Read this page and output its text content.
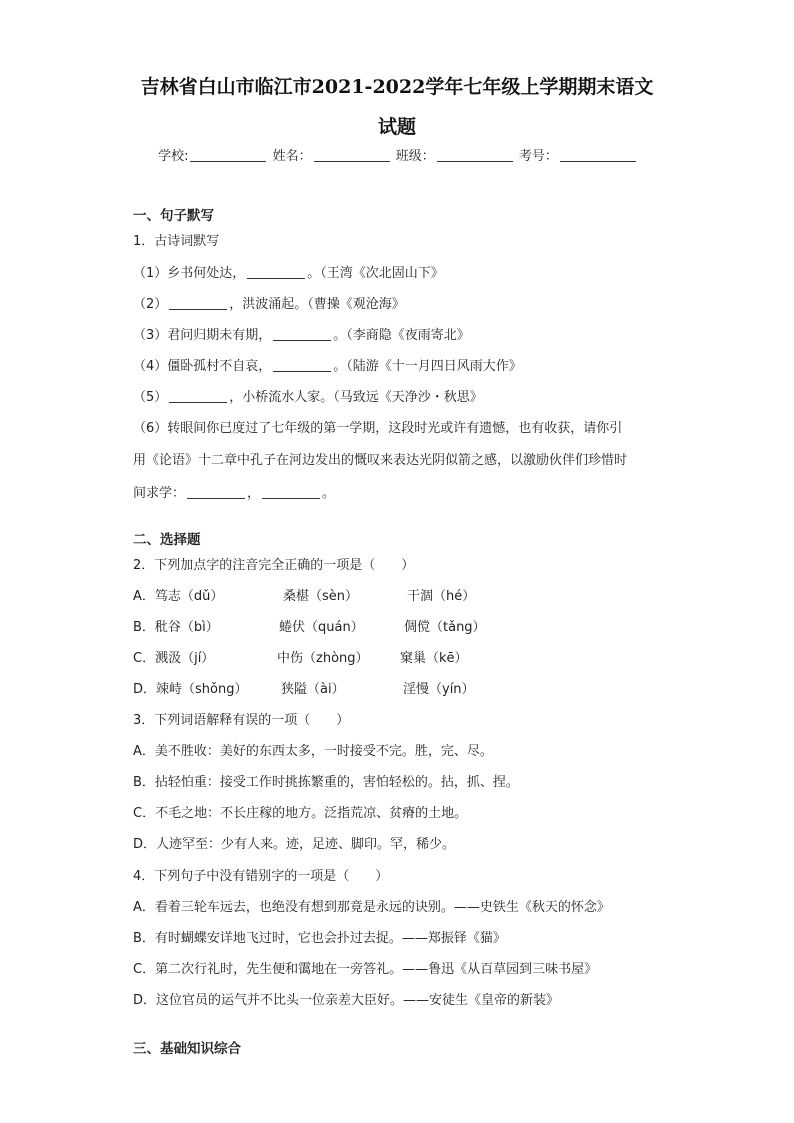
吉林省白山市临江市2021-2022学年七年级上学期期末语文
试题
学校:	姓名：	班级：	考号：
一、句子默写
1．古诗词默写
（1）乡书何处达，	。（王湾《次北固山下》
（2）	，洪波涌起。（曹操《观沧海》
（3）君问归期未有期，	。（李商隐《夜雨寄北》
（4）僵卧孤村不自哀，	。（陆游《十一月四日风雨大作》
（5）	，小桥流水人家。（马致远《天净沙・秋思》
（6）转眼间你已度过了七年级的第一学期，这段时光或许有遗憾，也有收获，请你引
用《论语》十二章中孔子在河边发出的慨叹来表达光阴似箭之感，以激励伙伴们珍惜时
间求学：	，	。
二、选择题
2．下列加点字的注音完全正确的一项是（　　）
A．笃志（dǔ）	桑椹（sèn）	干涸（hé）
B．秕谷（bì）	蜷伏（quán）	倜傥（tǎng）
C．溅汲（jí）	中伤（zhòng） 窠巢（kē）
D．竦峙（shǒng）	狭隘（ài）	淫慢（yín）
3．下列词语解释有误的一项（　　）
A．美不胜收：美好的东西太多，一时接受不完。胜，完、尽。
B．拈轻怕重：接受工作时挑拣繁重的，害怕轻松的。拈，抓、捏。
C．不毛之地：不长庄稼的地方。泛指荒凉、贫瘠的土地。
D．人迹罕至：少有人来。迹，足迹、脚印。罕，稀少。
4．下列句子中没有错别字的一项是（　　）
A．看着三轮车远去，也绝没有想到那竟是永远的诀别。——史铁生《秋天的怀念》
B．有时蝴蝶安详地飞过时，它也会扑过去捉。——郑振铎《猫》
C．第二次行礼时，先生便和霭地在一旁答礼。——鲁迅《从百草园到三味书屋》
D．这位官员的运气并不比头一位亲差大臣好。——安徒生《皇帝的新装》
三、基础知识综合
